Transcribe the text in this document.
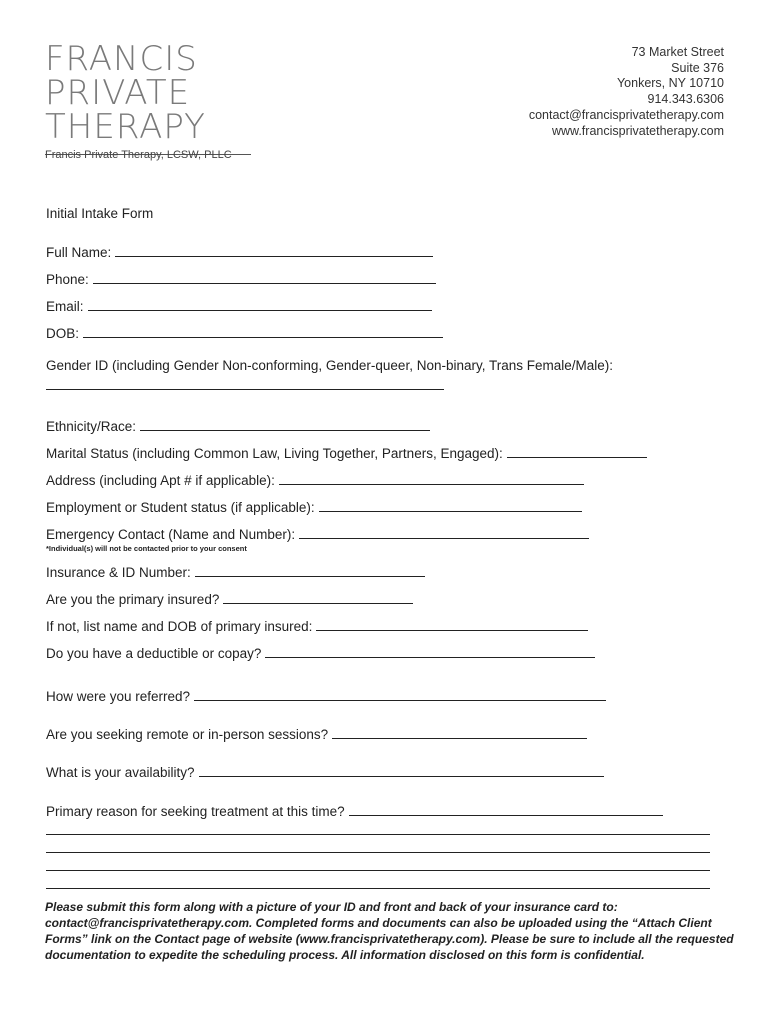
FRANCIS
PRIVATE
THERAPY
Francis Private Therapy, LCSW, PLLC
73 Market Street
Suite 376
Yonkers, NY 10710
914.343.6306
contact@francisprivatetherapy.com
www.francisprivatetherapy.com
Initial Intake Form
Full Name:
Phone:
Email:
DOB:
Gender ID (including Gender Non-conforming, Gender-queer, Non-binary, Trans Female/Male):
Ethnicity/Race:
Marital Status (including Common Law, Living Together, Partners, Engaged):
Address (including Apt # if applicable):
Employment or Student status (if applicable):
Emergency Contact (Name and Number):
*Individual(s) will not be contacted prior to your consent
Insurance & ID Number:
Are you the primary insured?
If not, list name and DOB of primary insured:
Do you have a deductible or copay?
How were you referred?
Are you seeking remote or in-person sessions?
What is your availability?
Primary reason for seeking treatment at this time?
Please submit this form along with a picture of your ID and front and back of your insurance card to: contact@francisprivatetherapy.com. Completed forms and documents can also be uploaded using the “Attach Client Forms” link on the Contact page of website (www.francisprivatetherapy.com). Please be sure to include all the requested documentation to expedite the scheduling process. All information disclosed on this form is confidential.
